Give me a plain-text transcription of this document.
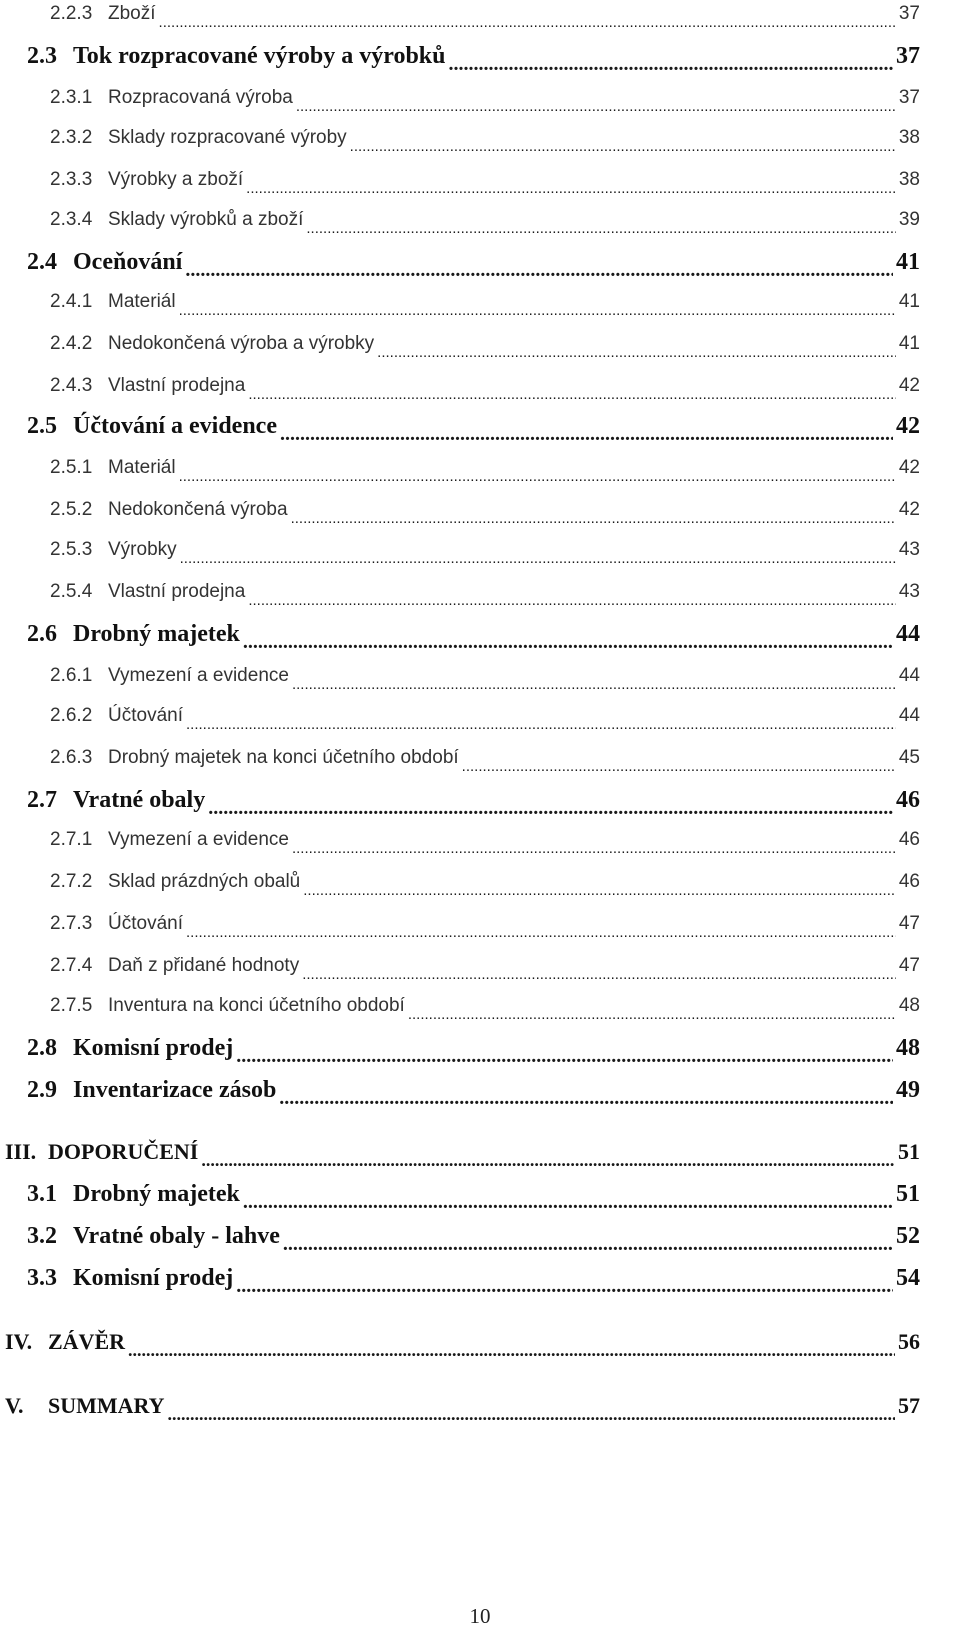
2.2.3 Zboží .....	37
2.3 Tok rozpracované výroby a výrobků .....	37
2.3.1 Rozpracovaná výroba .....	37
2.3.2 Sklady rozpracované výroby .....	38
2.3.3 Výrobky a zboží .....	38
2.3.4 Sklady výrobků a zboží .....	39
2.4 Oceňování .....	41
2.4.1 Materiál .....	41
2.4.2 Nedokončená výroba a výrobky .....	41
2.4.3 Vlastní prodejna .....	42
2.5 Účtování a evidence .....	42
2.5.1 Materiál .....	42
2.5.2 Nedokončená výroba .....	42
2.5.3 Výrobky .....	43
2.5.4 Vlastní prodejna .....	43
2.6 Drobný majetek .....	44
2.6.1 Vymezení a evidence .....	44
2.6.2 Účtování .....	44
2.6.3 Drobný majetek na konci účetního období .....	45
2.7 Vratné obaly .....	46
2.7.1 Vymezení a evidence .....	46
2.7.2 Sklad prázdných obalů .....	46
2.7.3 Účtování .....	47
2.7.4 Daň z přidané hodnoty .....	47
2.7.5 Inventura na konci účetního období .....	48
2.8 Komisní prodej .....	48
2.9 Inventarizace zásob .....	49
III. DOPORUČENÍ .....	51
3.1 Drobný majetek .....	51
3.2 Vratné obaly - lahve .....	52
3.3 Komisní prodej .....	54
IV. ZÁVĚR .....	56
V.	SUMMARY .....	57
10
